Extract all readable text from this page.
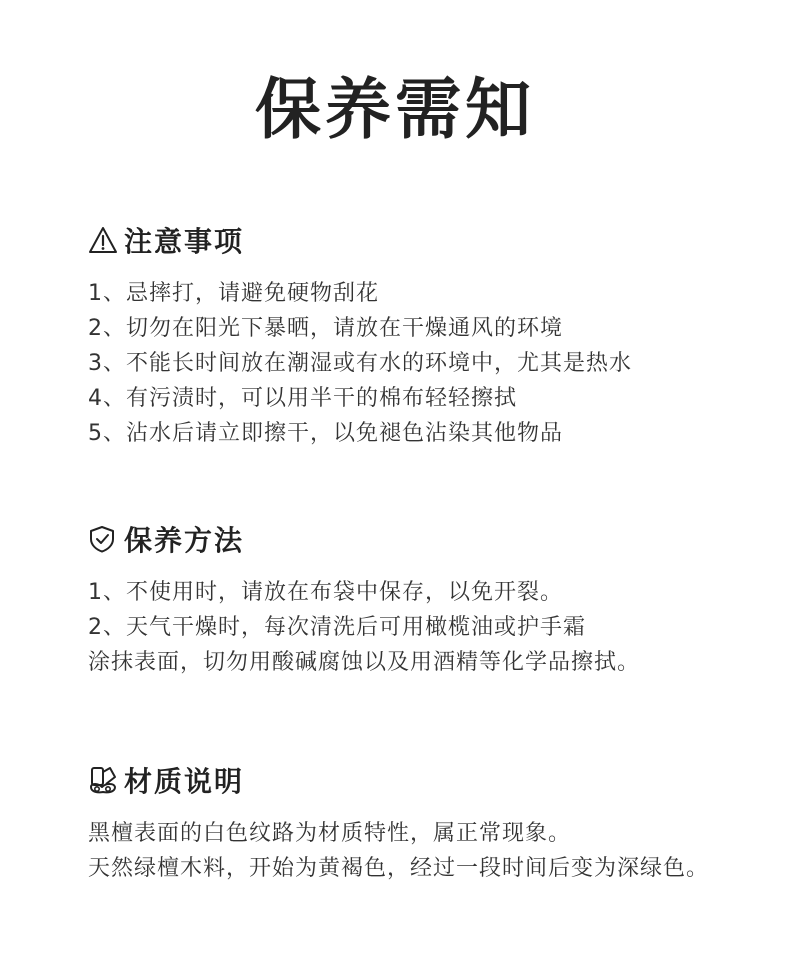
保养需知
注意事项
1、忌摔打，请避免硬物刮花
2、切勿在阳光下暴晒，请放在干燥通风的环境
3、不能长时间放在潮湿或有水的环境中，尤其是热水
4、有污渍时，可以用半干的棉布轻轻擦拭
5、沾水后请立即擦干，以免褪色沾染其他物品
保养方法
1、不使用时，请放在布袋中保存，以免开裂。
2、天气干燥时，每次清洗后可用橄榄油或护手霜
涂抹表面，切勿用酸碱腐蚀以及用酒精等化学品擦拭。
材质说明
黑檀表面的白色纹路为材质特性，属正常现象。
天然绿檀木料，开始为黄褐色，经过一段时间后变为深绿色。
